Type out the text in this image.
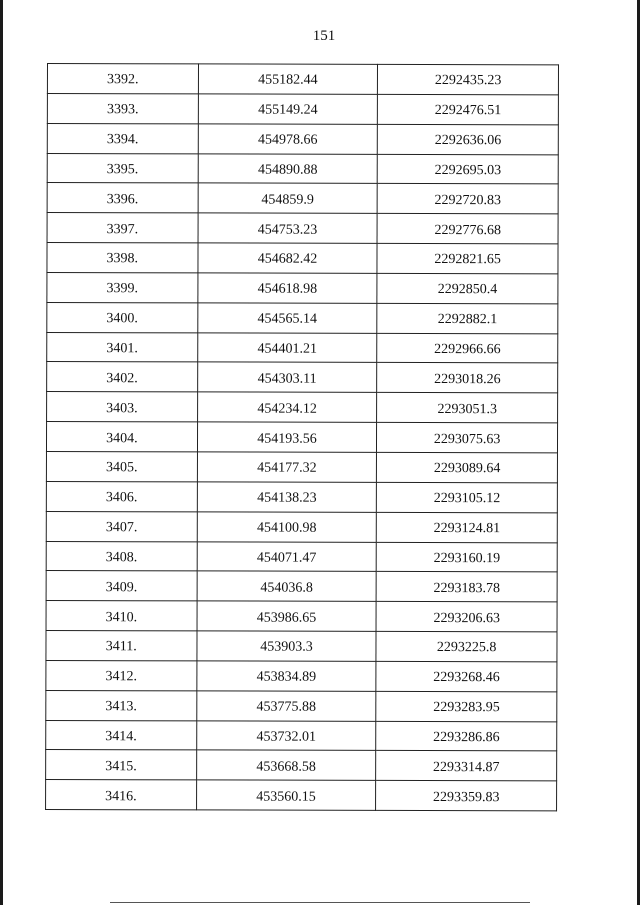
151
3392.	455182.44	2292435.23
3393.	455149.24	2292476.51
3394.	454978.66	2292636.06
3395.	454890.88	2292695.03
3396.	454859.9	2292720.83
3397.	454753.23	2292776.68
3398.	454682.42	2292821.65
3399.	454618.98	2292850.4
3400.	454565.14	2292882.1
3401.	454401.21	2292966.66
3402.	454303.11	2293018.26
3403.	454234.12	2293051.3
3404.	454193.56	2293075.63
3405.	454177.32	2293089.64
3406.	454138.23	2293105.12
3407.	454100.98	2293124.81
3408.	454071.47	2293160.19
3409.	454036.8	2293183.78
3410.	453986.65	2293206.63
3411.	453903.3	2293225.8
3412.	453834.89	2293268.46
3413.	453775.88	2293283.95
3414.	453732.01	2293286.86
3415.	453668.58	2293314.87
3416.	453560.15	2293359.83
